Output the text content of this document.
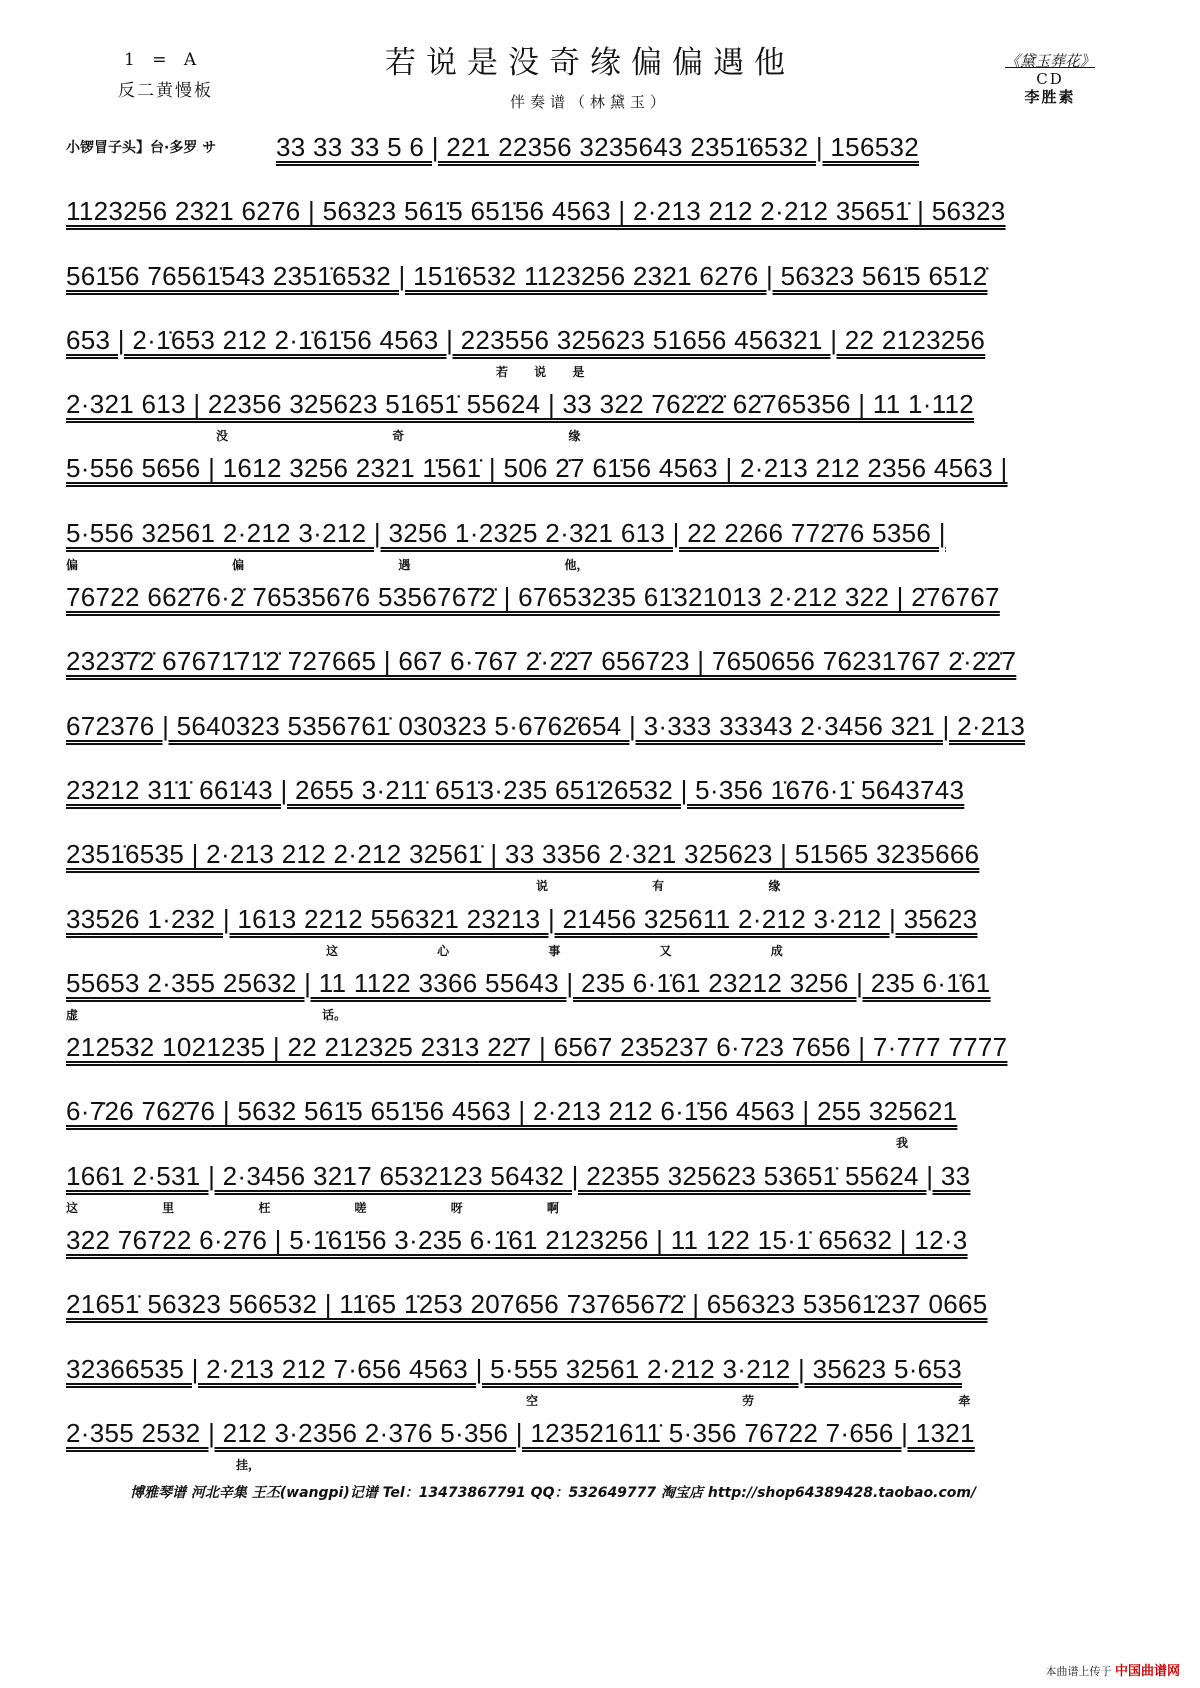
1 = A
反二黄慢板
若说是没奇缘偏偏遇他
伴奏谱（林黛玉）
《黛玉葬花》
CD
李胜素
小锣冒子头】台·多罗 サ 33 33 33 5 6 | 221 22356 3235643 2351̇6532 | 156532
1123256 2321 6276 | 56323 561̇5 651̇56 4563 | 2·213 212 2·212 35651̇ | 56323
561̇56 76561̇543 2351̇6532 | 151̇6532 1123256 2321 6276 | 56323 561̇5 6512̇
653 | 2·1̇653 212 2·1̇61̇56 4563 | 223556 325623 51656 456321 | 22 2123256
若 说 是
2·321 613 | 22356 325623 51651̇ 55624 | 33 322 762̇2̇2̇ 62̇765356 | 11 1·112
没 奇 缘
5·556 5656 | 1612 3256 2321 1̇561̇ | 506 2̇7 61̇56 4563 | 2·213 212 2356 4563 |
5·556 32561 2·212 3·212 | 3256 1·2325 2·321 613 | 22 2266 772̇76 5356 |
偏 偏 遇 他，
76722 662̇76·2̇ 76535676 5356767̇2̇ | 67653235 61̇321013 2·212 322 | 2̇76767
2323̇7̇2̇ 67671̇71̇2̇ 727665 | 667 6·767 2̇·2̇2̇7 656723 | 7650656 76231767 2̇·2̇2̇7
672376 | 5640323 5356761̇ 030323 5·6762̇654 | 3·333 33343 2·3456 321 | 2·213
23212 31̇1̇ 661̇43 | 2655 3·211̇ 651̇3·235 651̇26532 | 5·356 1̇676·1̇ 5643743
2351̇6535 | 2·213 212 2·212 32561̇ | 33 3356 2·321 325623 | 51565 3235666
说 有 缘
33526 1·232 | 1613 2212 556321 23213 | 21456 325611 2·212 3·212 | 35623
这 心 事 又 成
55653 2·355 25632 | 11 1122 3366 55643 | 235 6·1̇61 23212 3256 | 235 6·1̇61
虚 话。
212532 1021235 | 22 212325 2313 22̇7 | 6567 235237 6·723 7656 | 7·777 7777
6·7̇26 762̇76 | 5632 561̇5 651̇56 4563 | 2·213 212 6·1̇56 4563 | 255 325621
我
1661 2·531 | 2·3456 3217 6532123 56432 | 22355 325623 53651̇ 55624 | 33
这 里 枉 嗟 呀 啊
322 76722 6·276 | 5·1̇61̇56 3·235 6·1̇61 2123256 | 11 122 15·1̇ 65632 | 12·3
21651̇ 56323 566532 | 11̇65 1̇253 207656 7376567̇2̇ | 656323 53561̇237 0665
32366535 | 2·213 212 7·656 4563 | 5·555 32561 2·212 3·212 | 35623 5·653
空 劳 牵
2·355 2532 | 212 3·2356 2·376 5·356 | 123521611̇ 5·356 76722 7·656 | 1321
挂，
博雅琴谱 河北辛集 王丕(wangpi)记谱 Tel：13473867791 QQ：532649777 淘宝店 http://shop64389428.taobao.com/
本曲谱上传于 中国曲谱网
